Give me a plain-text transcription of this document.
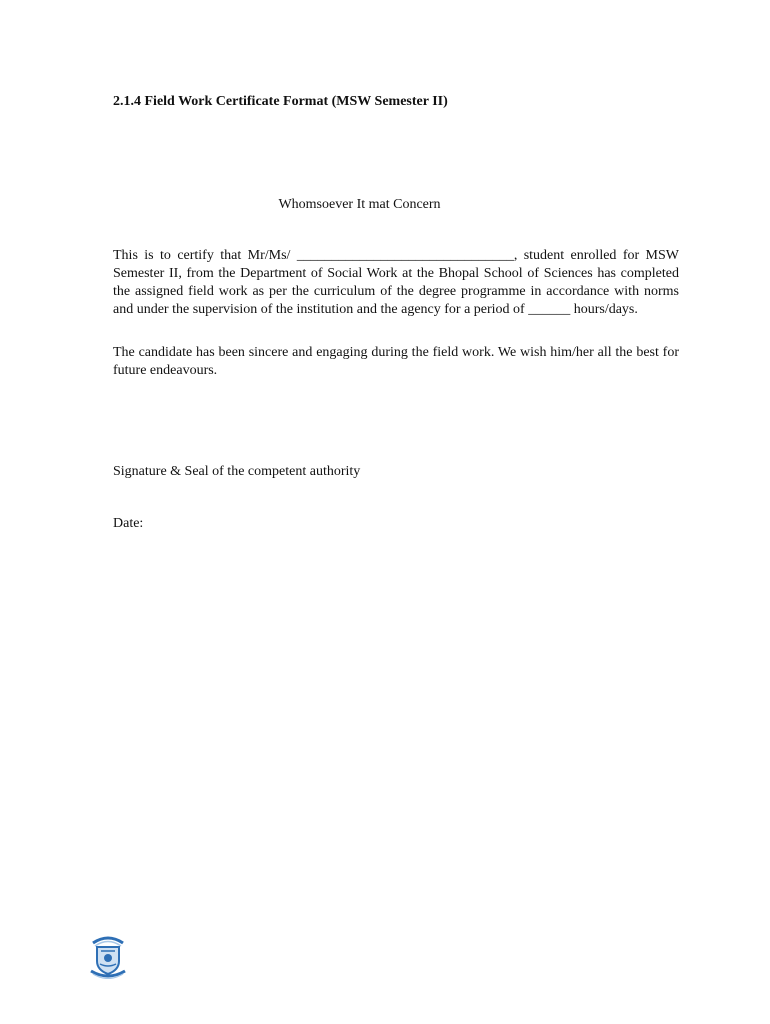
2.1.4 Field Work Certificate Format (MSW Semester II)
Whomsoever It mat Concern

This is to certify that Mr/Ms/ _______________________________, student enrolled for MSW Semester II, from the Department of Social Work at the Bhopal School of Sciences has completed the assigned field work as per the curriculum of the degree programme in accordance with norms and under the supervision of the institution and the agency for a period of ______ hours/days.

The candidate has been sincere and engaging during the field work. We wish him/her all the best for future endeavours.

Signature & Seal of the competent authority
Date:
